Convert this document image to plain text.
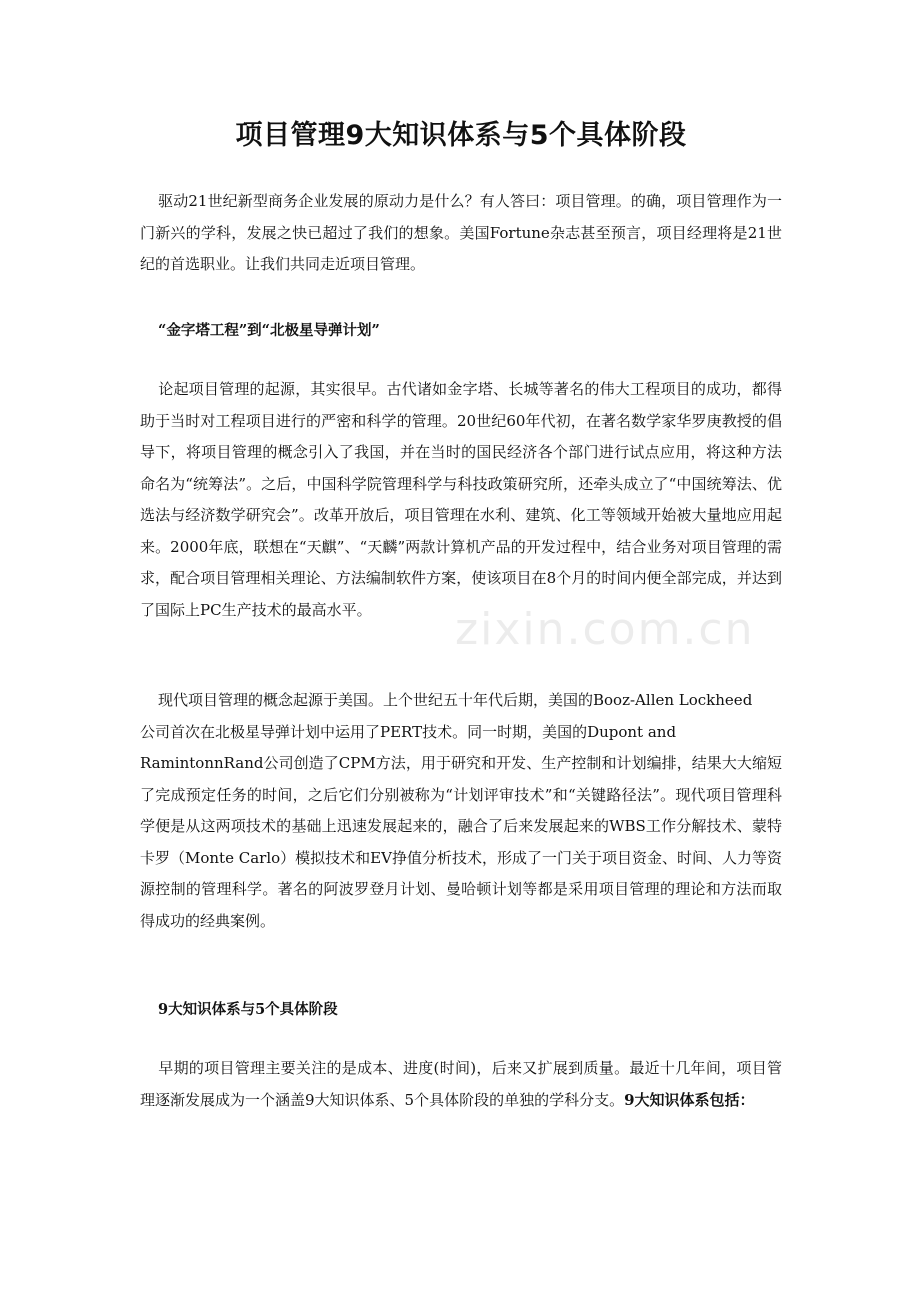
项目管理9大知识体系与5个具体阶段

驱动21世纪新型商务企业发展的原动力是什么？有人答曰：项目管理。的确，项目管理作为一门新兴的学科，发展之快已超过了我们的想象。美国Fortune杂志甚至预言，项目经理将是21世纪的首选职业。让我们共同走近项目管理。

“金字塔工程”到“北极星导弹计划”

论起项目管理的起源，其实很早。古代诸如金字塔、长城等著名的伟大工程项目的成功，都得助于当时对工程项目进行的严密和科学的管理。20世纪60年代初，在著名数学家华罗庚教授的倡导下，将项目管理的概念引入了我国，并在当时的国民经济各个部门进行试点应用，将这种方法命名为“统筹法”。之后，中国科学院管理科学与科技政策研究所，还牵头成立了“中国统筹法、优选法与经济数学研究会”。改革开放后，项目管理在水利、建筑、化工等领域开始被大量地应用起来。2000年底，联想在“天麒”、“天麟”两款计算机产品的开发过程中，结合业务对项目管理的需求，配合项目管理相关理论、方法编制软件方案，使该项目在8个月的时间内便全部完成，并达到了国际上PC生产技术的最高水平。

现代项目管理的概念起源于美国。上个世纪五十年代后期，美国的Booz-Allen Lockheed
公司首次在北极星导弹计划中运用了PERT技术。同一时期，美国的Dupont and
RamintonnRand公司创造了CPM方法，用于研究和开发、生产控制和计划编排，结果大大缩短了完成预定任务的时间，之后它们分别被称为“计划评审技术”和“关键路径法”。现代项目管理科学便是从这两项技术的基础上迅速发展起来的，融合了后来发展起来的WBS工作分解技术、蒙特卡罗（Monte Carlo）模拟技术和EV挣值分析技术，形成了一门关于项目资金、时间、人力等资源控制的管理科学。著名的阿波罗登月计划、曼哈顿计划等都是采用项目管理的理论和方法而取得成功的经典案例。

9大知识体系与5个具体阶段

早期的项目管理主要关注的是成本、进度(时间)，后来又扩展到质量。最近十几年间，项目管理逐渐发展成为一个涵盖9大知识体系、5个具体阶段的单独的学科分支。9大知识体系包括：

zixin.com.cn
